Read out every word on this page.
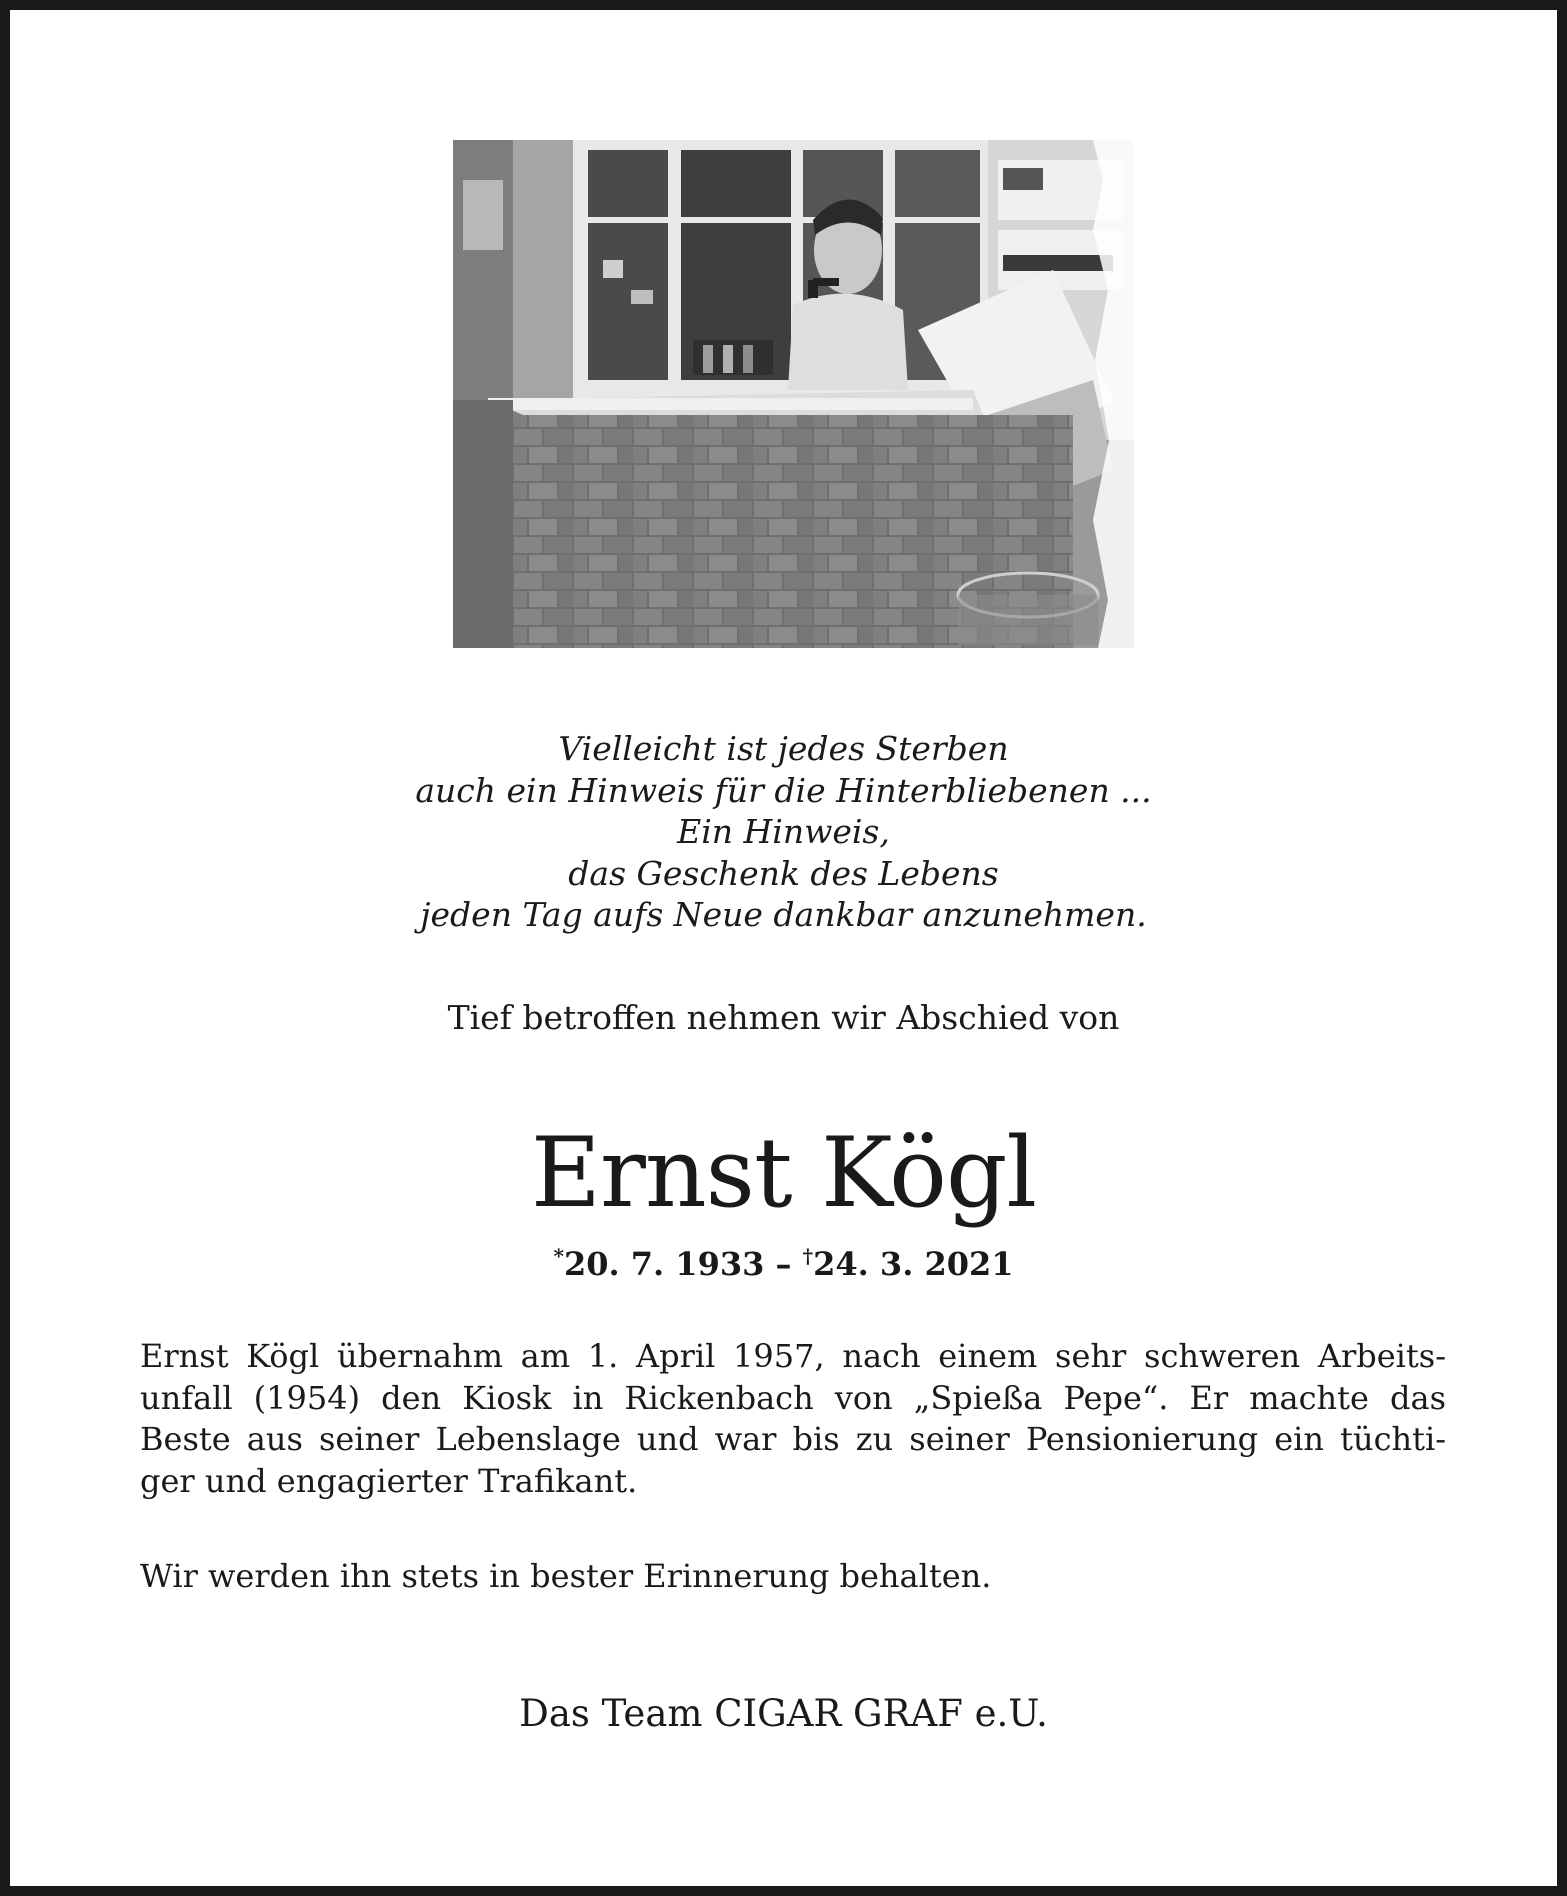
Vielleicht ist jedes Sterben
auch ein Hinweis für die Hinterbliebenen ...
Ein Hinweis,
das Geschenk des Lebens
jeden Tag aufs Neue dankbar anzunehmen.
Tief betroffen nehmen wir Abschied von
Ernst Kögl
*20. 7. 1933 – †24. 3. 2021
Ernst Kögl übernahm am 1. April 1957, nach einem sehr schweren Arbeits-
unfall (1954) den Kiosk in Rickenbach von „Spießa Pepe“. Er machte das
Beste aus seiner Lebenslage und war bis zu seiner Pensionierung ein tüchti-
ger und engagierter Trafikant.
Wir werden ihn stets in bester Erinnerung behalten.
Das Team CIGAR GRAF e.U.
